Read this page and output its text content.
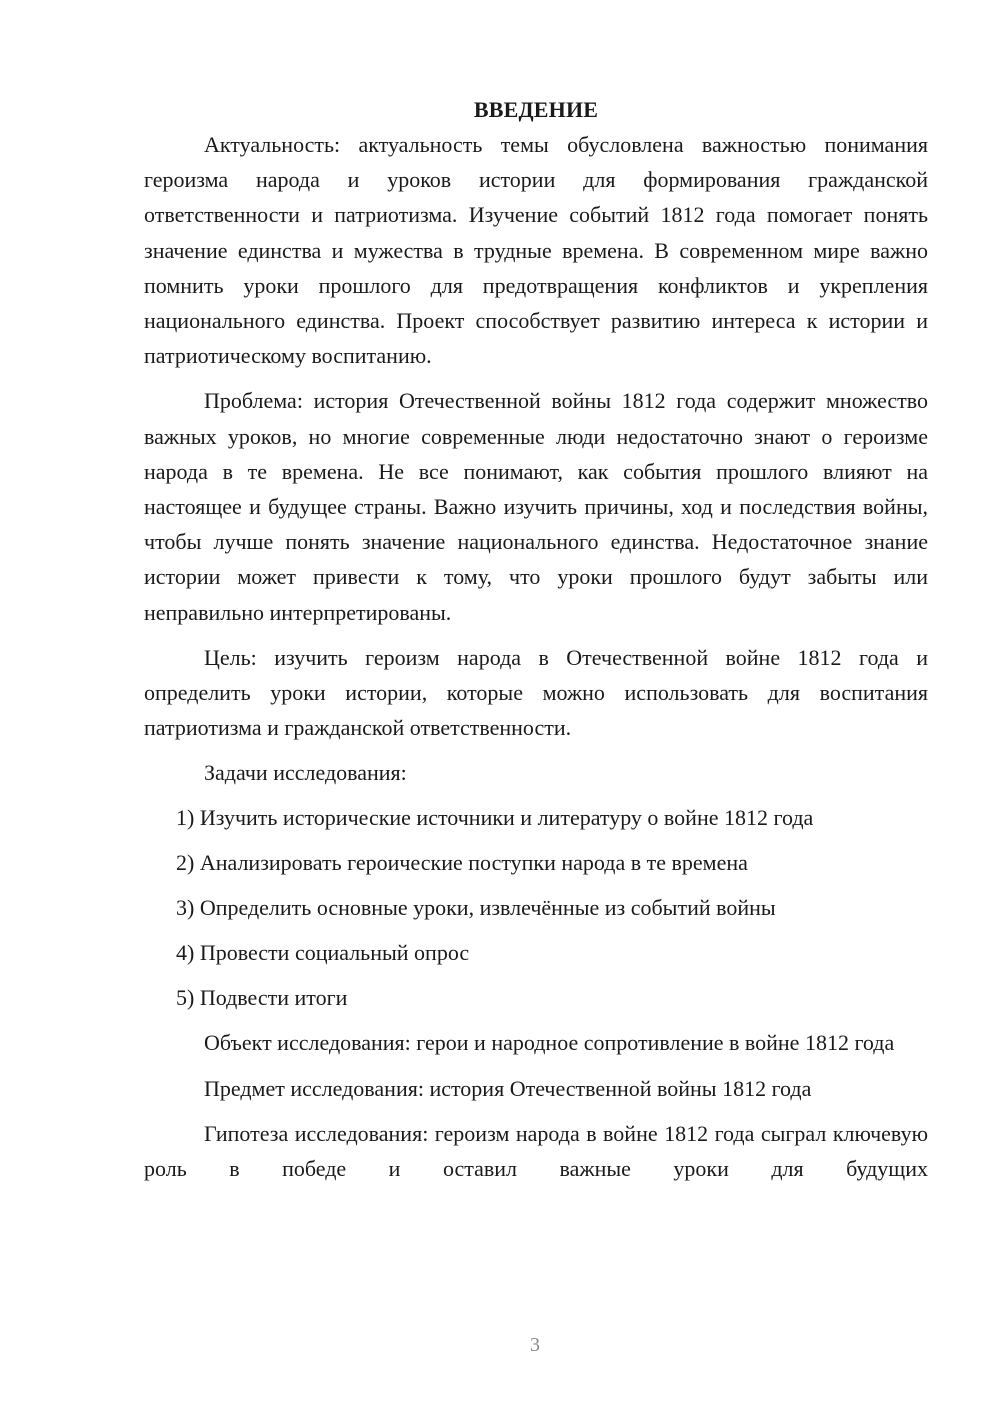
ВВЕДЕНИЕ

Актуальность: актуальность темы обусловлена важностью понимания героизма народа и уроков истории для формирования гражданской ответственности и патриотизма. Изучение событий 1812 года помогает понять значение единства и мужества в трудные времена. В современном мире важно помнить уроки прошлого для предотвращения конфликтов и укрепления национального единства. Проект способствует развитию интереса к истории и патриотическому воспитанию.

Проблема: история Отечественной войны 1812 года содержит множество важных уроков, но многие современные люди недостаточно знают о героизме народа в те времена. Не все понимают, как события прошлого влияют на настоящее и будущее страны. Важно изучить причины, ход и последствия войны, чтобы лучше понять значение национального единства. Недостаточное знание истории может привести к тому, что уроки прошлого будут забыты или неправильно интерпретированы.

Цель: изучить героизм народа в Отечественной войне 1812 года и определить уроки истории, которые можно использовать для воспитания патриотизма и гражданской ответственности.

Задачи исследования:
1) Изучить исторические источники и литературу о войне 1812 года
2) Анализировать героические поступки народа в те времена
3) Определить основные уроки, извлечённые из событий войны
4) Провести социальный опрос
5) Подвести итоги

Объект исследования: герои и народное сопротивление в войне 1812 года

Предмет исследования: история Отечественной войны 1812 года

Гипотеза исследования: героизм народа в войне 1812 года сыграл ключевую роль в победе и оставил важные уроки для будущих

3
